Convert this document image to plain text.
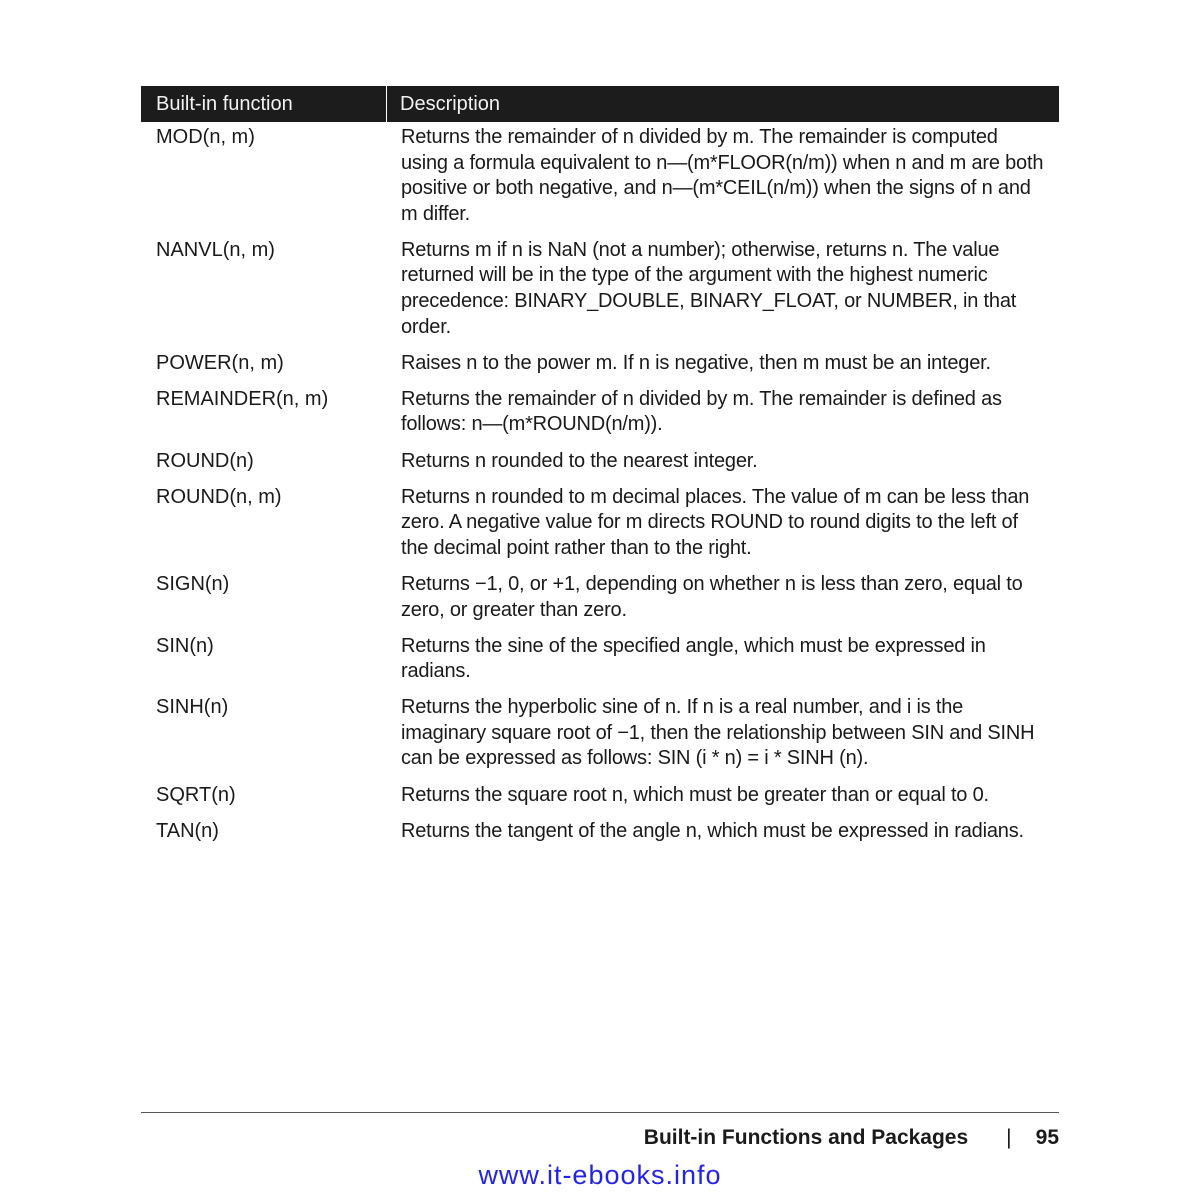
Built-in function	Description
MOD(n, m)	Returns the remainder of n divided by m. The remainder is computed using a formula equivalent to n—(m*FLOOR(n/m)) when n and m are both positive or both negative, and n—(m*CEIL(n/m)) when the signs of n and m differ.
NANVL(n, m)	Returns m if n is NaN (not a number); otherwise, returns n. The value returned will be in the type of the argument with the highest numeric precedence: BINARY_DOUBLE, BINARY_FLOAT, or NUMBER, in that order.
POWER(n, m)	Raises n to the power m. If n is negative, then m must be an integer.
REMAINDER(n, m)	Returns the remainder of n divided by m. The remainder is defined as follows: n—(m*ROUND(n/m)).
ROUND(n)	Returns n rounded to the nearest integer.
ROUND(n, m)	Returns n rounded to m decimal places. The value of m can be less than zero. A negative value for m directs ROUND to round digits to the left of the decimal point rather than to the right.
SIGN(n)	Returns −1, 0, or +1, depending on whether n is less than zero, equal to zero, or greater than zero.
SIN(n)	Returns the sine of the specified angle, which must be expressed in radians.
SINH(n)	Returns the hyperbolic sine of n. If n is a real number, and i is the imaginary square root of −1, then the relationship between SIN and SINH can be expressed as follows: SIN (i * n) = i * SINH (n).
SQRT(n)	Returns the square root n, which must be greater than or equal to 0.
TAN(n)	Returns the tangent of the angle n, which must be expressed in radians.
Built-in Functions and Packages | 95
www.it-ebooks.info
